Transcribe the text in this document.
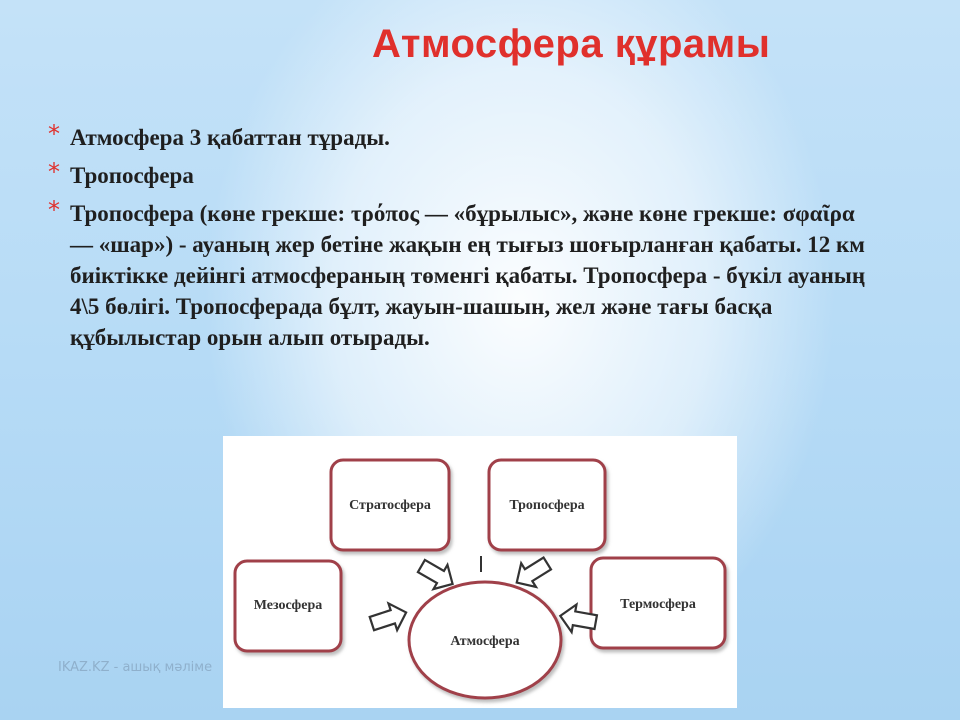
Атмосфера құрамы
* Атмосфера 3 қабаттан тұрады.
* Тропосфера
* Тропосфера (көне грекше: τρόπος — «бұрылыс», және көне грекше: σφαῖρα — «шар») - ауаның жер бетіне жақын ең тығыз шоғырланған қабаты. 12 км биіктікке дейінгі атмосфераның төменгі қабаты. Тропосфера - бүкіл ауаның 4\5 бөлігі. Тропосферада бұлт, жауын-шашын, жел және тағы басқа құбылыстар орын алып отырады.
IKAZ.KZ - ашық мәліме
Стратосфера	Тропосфера
Мезосфера	Термосфера
Атмосфера
